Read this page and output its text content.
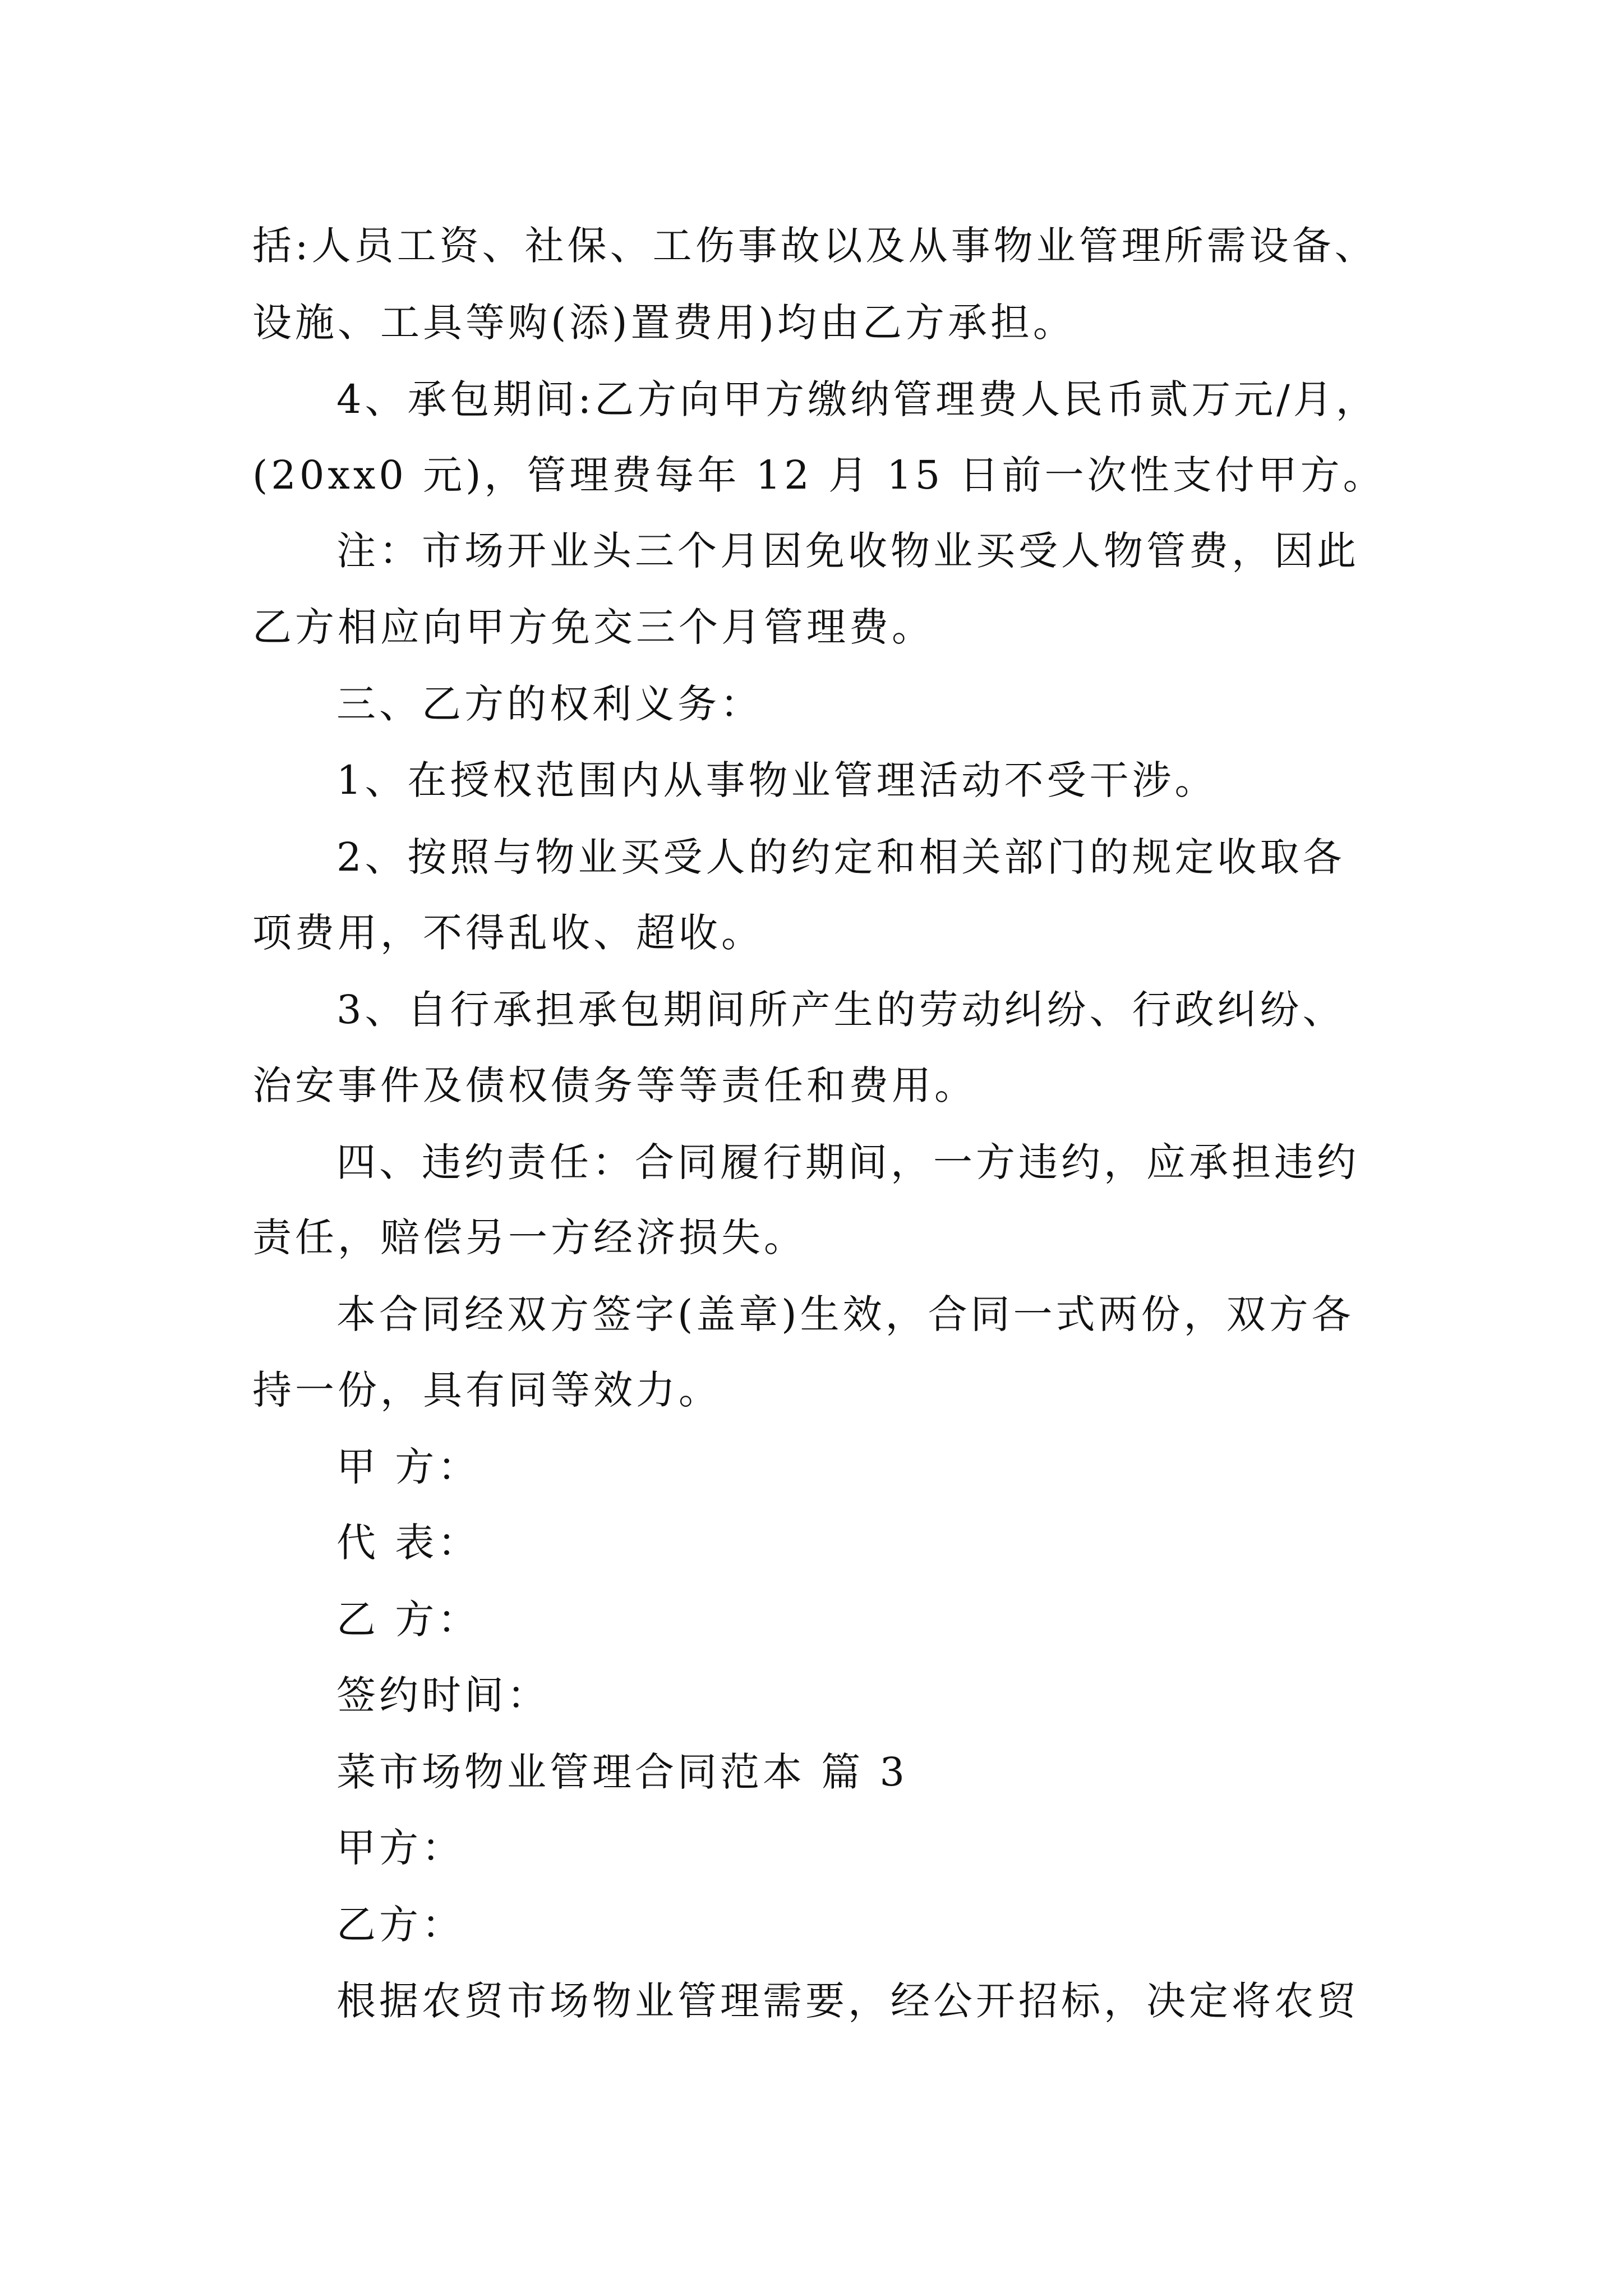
括:人员工资、社保、工伤事故以及从事物业管理所需设备、
设施、工具等购(添)置费用)均由乙方承担。
4、承包期间:乙方向甲方缴纳管理费人民币贰万元/月，
(20xx0 元)，管理费每年 12 月 15 日前一次性支付甲方。
注：市场开业头三个月因免收物业买受人物管费，因此
乙方相应向甲方免交三个月管理费。
三、乙方的权利义务：
1、在授权范围内从事物业管理活动不受干涉。
2、按照与物业买受人的约定和相关部门的规定收取各
项费用，不得乱收、超收。
3、自行承担承包期间所产生的劳动纠纷、行政纠纷、
治安事件及债权债务等等责任和费用。
四、违约责任：合同履行期间，一方违约，应承担违约
责任，赔偿另一方经济损失。
本合同经双方签字(盖章)生效，合同一式两份，双方各
持一份，具有同等效力。
甲 方：
代 表：
乙 方：
签约时间：
菜市场物业管理合同范本 篇 3
甲方：
乙方：
根据农贸市场物业管理需要，经公开招标，决定将农贸
